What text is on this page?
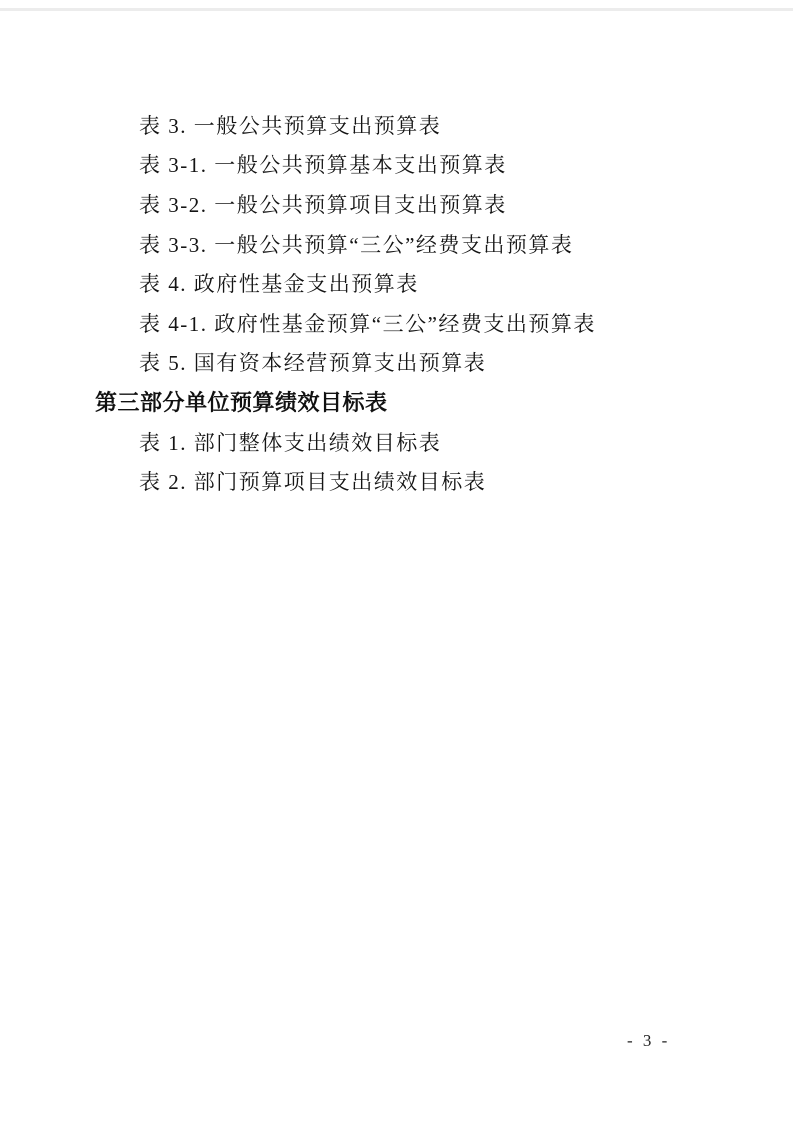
表 3. 一般公共预算支出预算表
表 3-1. 一般公共预算基本支出预算表
表 3-2. 一般公共预算项目支出预算表
表 3-3. 一般公共预算“三公”经费支出预算表
表 4. 政府性基金支出预算表
表 4-1. 政府性基金预算“三公”经费支出预算表
表 5. 国有资本经营预算支出预算表
第三部分单位预算绩效目标表
表 1. 部门整体支出绩效目标表
表 2. 部门预算项目支出绩效目标表
- 3 -
